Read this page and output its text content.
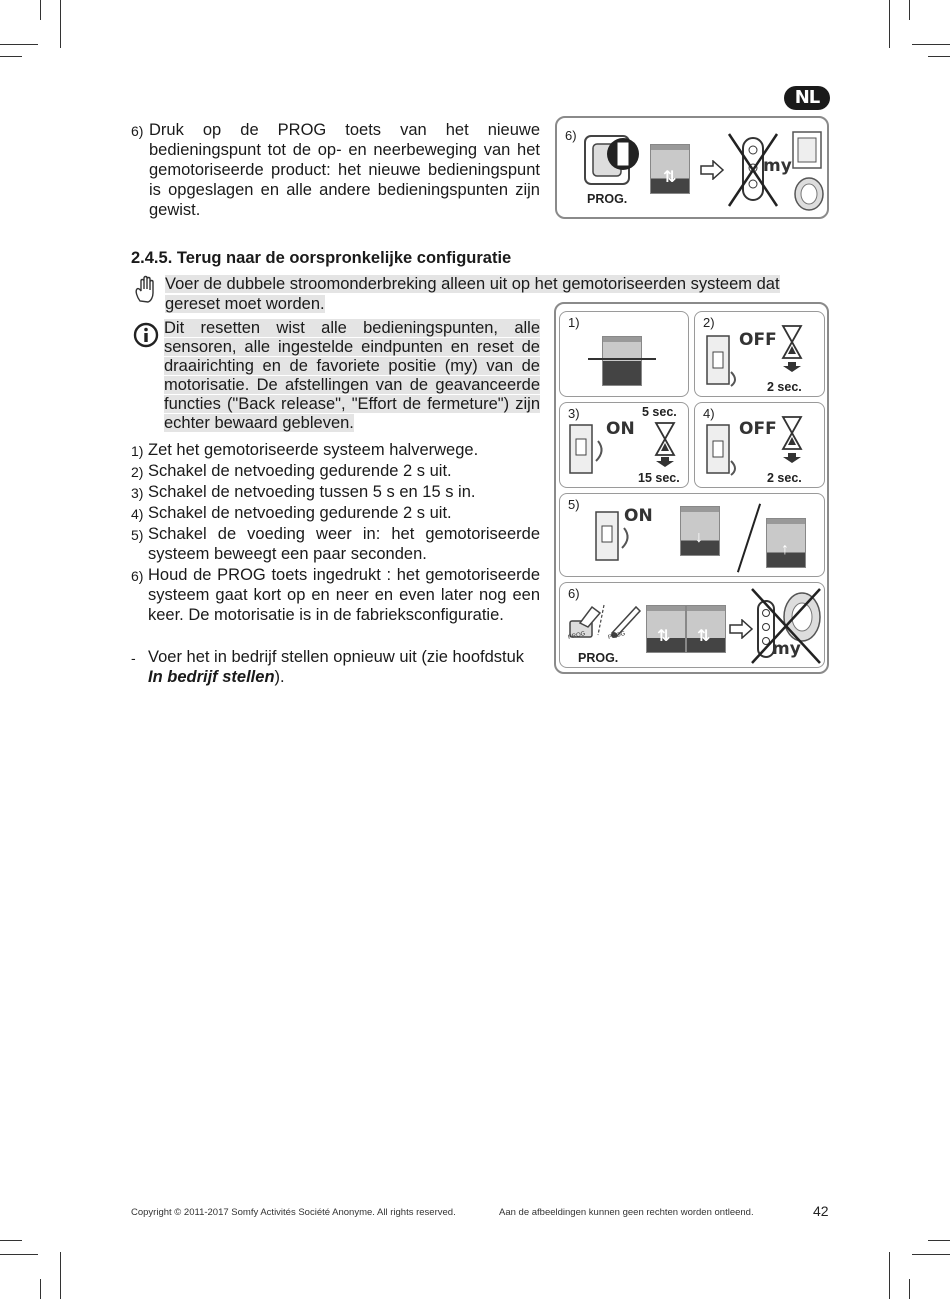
NL
6) Druk op de PROG toets van het nieuwe bedieningspunt tot de op- en neerbeweging van het gemotoriseerde product: het nieuwe bedieningspunt is opgeslagen en alle andere bedieningspunten zijn gewist.
6)
PROG.
⇅
my
2.4.5. Terug naar de oorspronkelijke configuratie
Voer de dubbele stroomonderbreking alleen uit op het gemotoriseerden systeem dat gereset moet worden.
Dit resetten wist alle bedieningspunten, alle sensoren, alle ingestelde eindpunten en reset de draairichting en de favoriete positie (my) van de motorisatie. De afstellingen van de geavanceerde functies ("Back release", "Effort de fermeture") zijn echter bewaard gebleven.
1) Zet het gemotoriseerde systeem halverwege.
2) Schakel de netvoeding gedurende 2 s uit.
3) Schakel de netvoeding tussen 5 s en 15 s in.
4) Schakel de netvoeding gedurende 2 s uit.
5) Schakel de voeding weer in: het gemotoriseerde systeem beweegt een paar seconden.
6) Houd de PROG toets ingedrukt : het gemotoriseerde systeem gaat kort op en neer en even later nog een keer. De motorisatie is in de fabrieksconfiguratie.
- Voer het in bedrijf stellen opnieuw uit (zie hoofdstuk In bedrijf stellen).
1)	2)
OFF
2 sec.
3)
ON
5 sec.
15 sec.
4)
OFF
2 sec.
5)
ON
↓
↑
6)
PROG	PROG
PROG.
⇅ ⇅
my
Copyright © 2011-2017 Somfy Activités Société Anonyme. All rights reserved.	Aan de afbeeldingen kunnen geen rechten worden ontleend.	42
